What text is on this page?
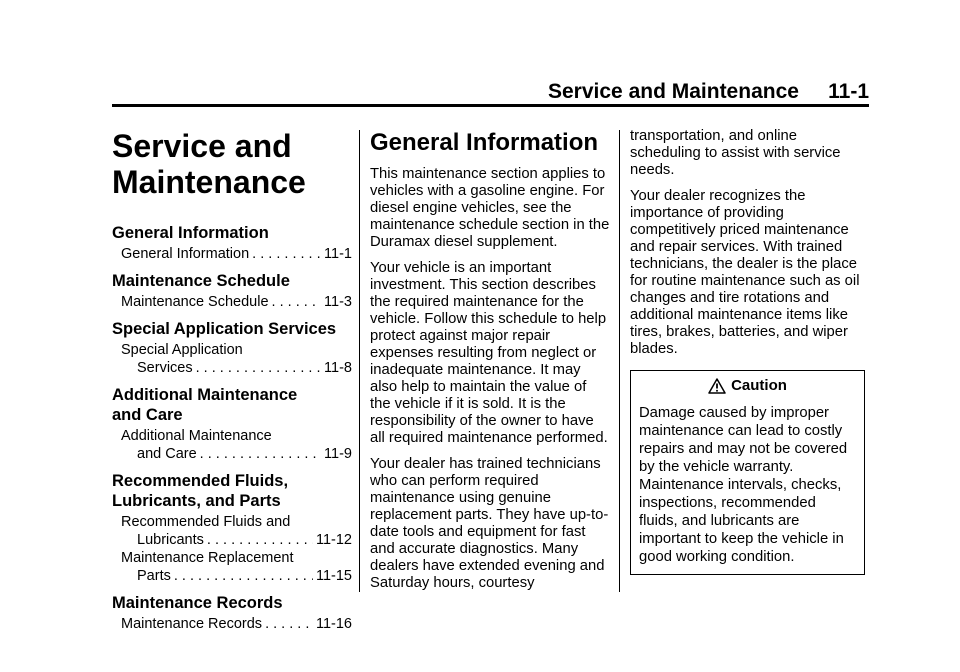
Service and Maintenance 11-1
Service and
Maintenance
General Information
General Information . . .	11-1
Maintenance Schedule
Maintenance Schedule . . .	11-3
Special Application Services
Special Application
Services . . .	11-8
Additional Maintenance
and Care
Additional Maintenance
and Care . . .	11-9
Recommended Fluids,
Lubricants, and Parts
Recommended Fluids and
Lubricants . . .	11-12
Maintenance Replacement
Parts . . .	11-15
Maintenance Records
Maintenance Records . . .	11-16
General Information

This maintenance section applies to vehicles with a gasoline engine. For diesel engine vehicles, see the maintenance schedule section in the Duramax diesel supplement.

Your vehicle is an important investment. This section describes the required maintenance for the vehicle. Follow this schedule to help protect against major repair expenses resulting from neglect or inadequate maintenance. It may also help to maintain the value of the vehicle if it is sold. It is the responsibility of the owner to have all required maintenance performed.

Your dealer has trained technicians who can perform required maintenance using genuine replacement parts. They have up-to-date tools and equipment for fast and accurate diagnostics. Many dealers have extended evening and Saturday hours, courtesy

transportation, and online scheduling to assist with service needs.

Your dealer recognizes the importance of providing competitively priced maintenance and repair services. With trained technicians, the dealer is the place for routine maintenance such as oil changes and tire rotations and additional maintenance items like tires, brakes, batteries, and wiper blades.

Caution

Damage caused by improper maintenance can lead to costly repairs and may not be covered by the vehicle warranty. Maintenance intervals, checks, inspections, recommended fluids, and lubricants are important to keep the vehicle in good working condition.
